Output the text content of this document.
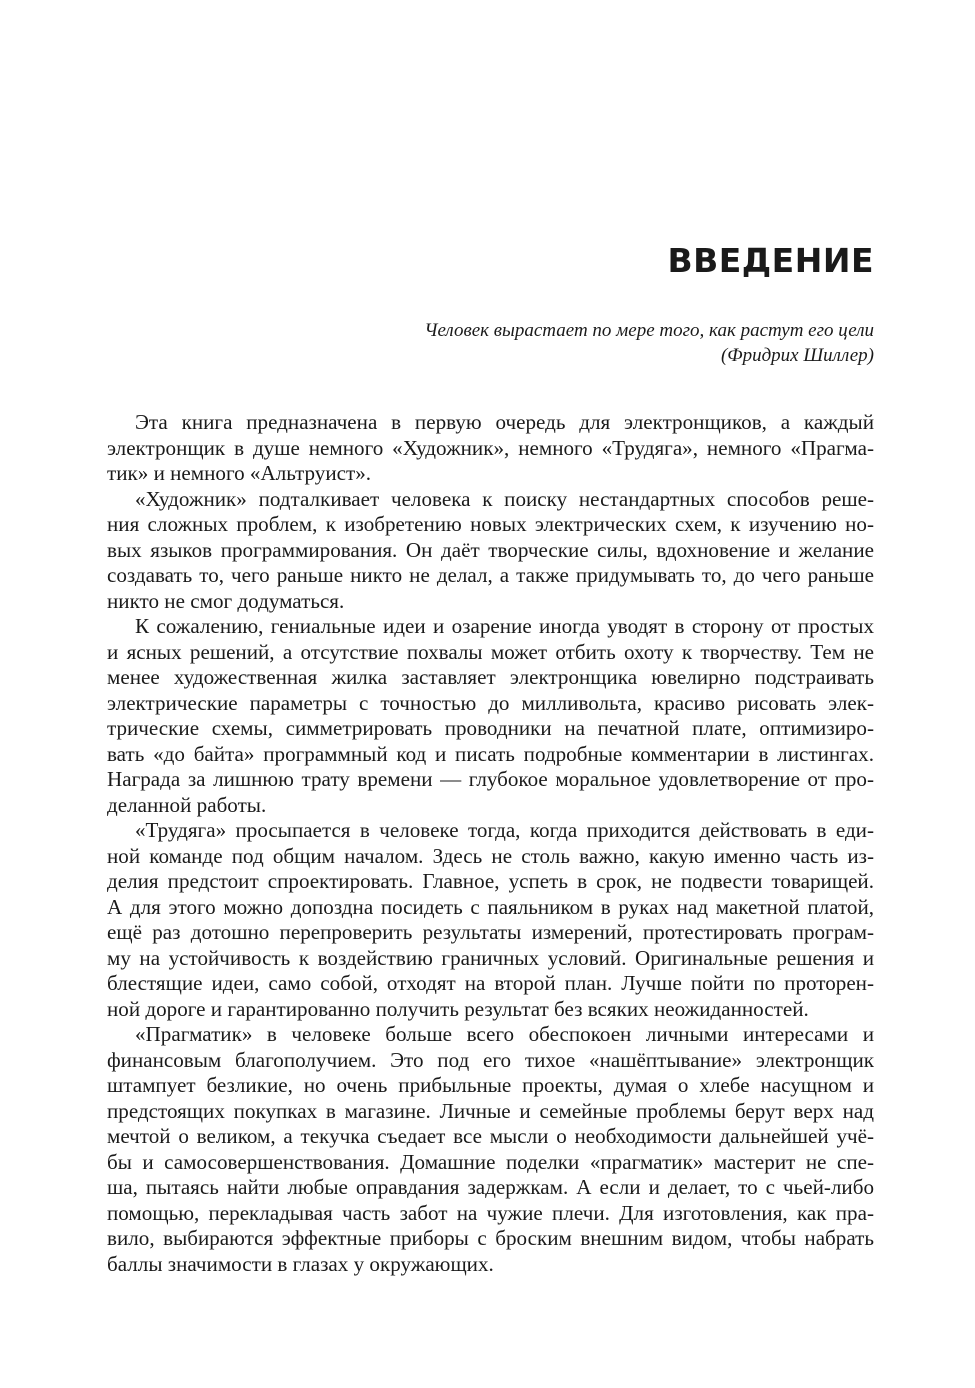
ВВЕДЕНИЕ
Человек вырастает по мере того, как растут его цели
(Фридрих Шиллер)
Эта книга предназначена в первую очередь для электронщиков, а каждый
электронщик в душе немного «Художник», немного «Трудяга», немного «Прагма-
тик» и немного «Альтруист».
«Художник» подталкивает человека к поиску нестандартных способов реше-
ния сложных проблем, к изобретению новых электрических схем, к изучению но-
вых языков программирования. Он даёт творческие силы, вдохновение и желание
создавать то, чего раньше никто не делал, а также придумывать то, до чего раньше
никто не смог додуматься.
К сожалению, гениальные идеи и озарение иногда уводят в сторону от простых
и ясных решений, а отсутствие похвалы может отбить охоту к творчеству. Тем не
менее художественная жилка заставляет электронщика ювелирно подстраивать
электрические параметры с точностью до милливольта, красиво рисовать элек-
трические схемы, симметрировать проводники на печатной плате, оптимизиро-
вать «до байта» программный код и писать подробные комментарии в листингах.
Награда за лишнюю трату времени — глубокое моральное удовлетворение от про-
деланной работы.
«Трудяга» просыпается в человеке тогда, когда приходится действовать в еди-
ной команде под общим началом. Здесь не столь важно, какую именно часть из-
делия предстоит спроектировать. Главное, успеть в срок, не подвести товарищей.
А для этого можно допоздна посидеть с паяльником в руках над макетной платой,
ещё раз дотошно перепроверить результаты измерений, протестировать програм-
му на устойчивость к воздействию граничных условий. Оригинальные решения и
блестящие идеи, само собой, отходят на второй план. Лучше пойти по проторен-
ной дороге и гарантированно получить результат без всяких неожиданностей.
«Прагматик» в человеке больше всего обеспокоен личными интересами и
финансовым благополучием. Это под его тихое «нашёптывание» электронщик
штампует безликие, но очень прибыльные проекты, думая о хлебе насущном и
предстоящих покупках в магазине. Личные и семейные проблемы берут верх над
мечтой о великом, а текучка съедает все мысли о необходимости дальнейшей учё-
бы и самосовершенствования. Домашние поделки «прагматик» мастерит не спе-
ша, пытаясь найти любые оправдания задержкам. А если и делает, то с чьей-либо
помощью, перекладывая часть забот на чужие плечи. Для изготовления, как пра-
вило, выбираются эффектные приборы с броским внешним видом, чтобы набрать
баллы значимости в глазах у окружающих.
